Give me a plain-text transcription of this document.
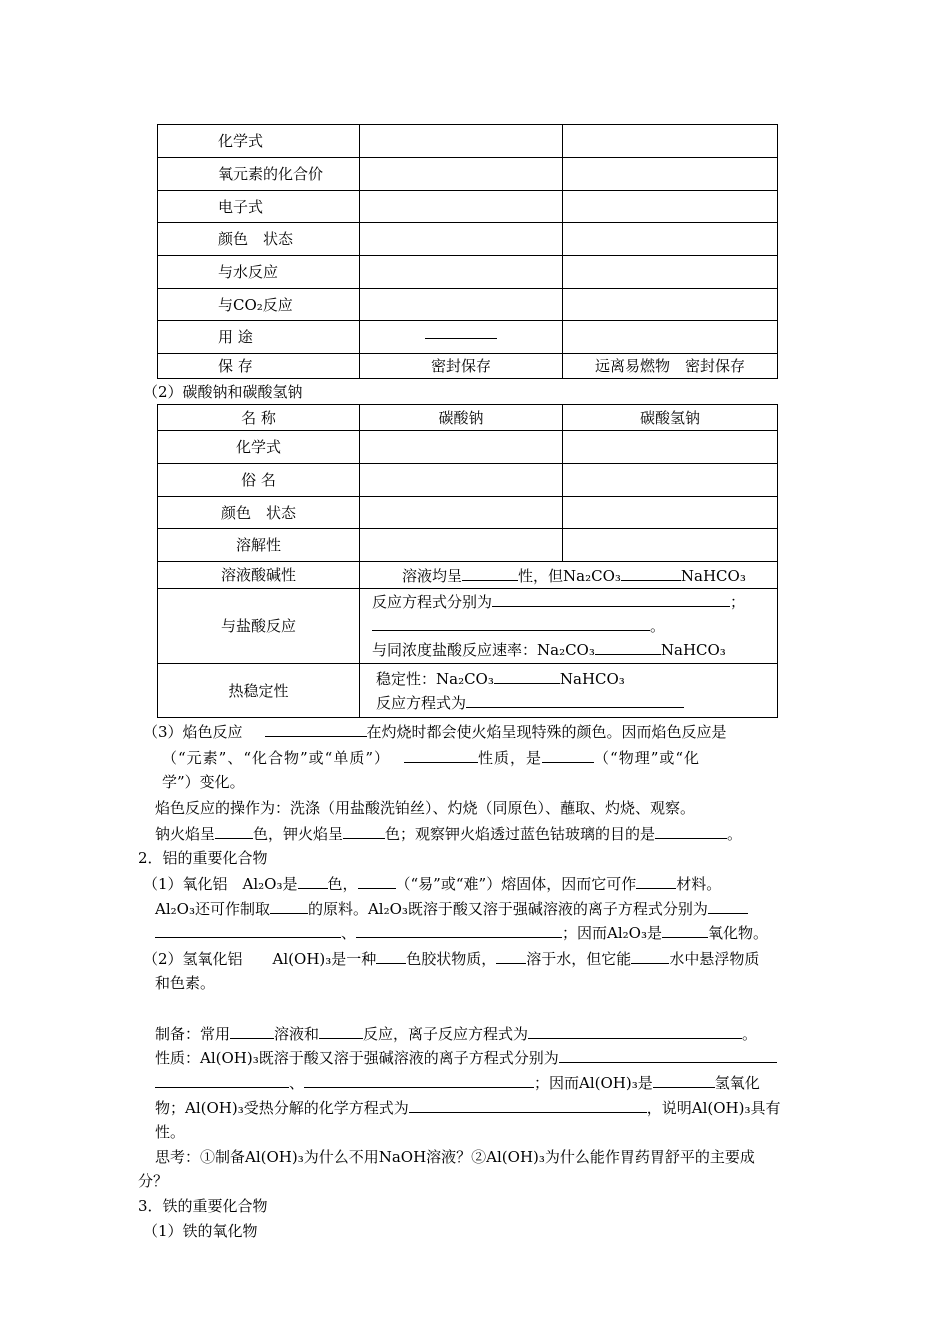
化学式		
氧元素的化合价		
电子式		
颜色　状态		
与水反应		
与CO₂反应		
用 途		
保 存	密封保存	远离易燃物　密封保存
（2）碳酸钠和碳酸氢钠
名 称	碳酸钠	碳酸氢钠
化学式		
俗 名		
颜色　状态		
溶解性		
溶液酸碱性	溶液均呈 性，但Na₂CO₃ NaHCO₃	
与盐酸反应	反应方程式分别为 ；
。
与同浓度盐酸反应速率：Na₂CO₃ NaHCO₃	

热稳定性	稳定性：Na₂CO₃ NaHCO₃
反应方程式为	
（3）焰色反应	在灼烧时都会使火焰呈现特殊的颜色。因而焰色反应是
（“元素”、“化合物”或“单质”）	性质，是	（“物理”或“化
学”）变化。
焰色反应的操作为：洗涤（用盐酸洗铂丝）、灼烧（同原色）、蘸取、灼烧、观察。
钠火焰呈	色，钾火焰呈	色；观察钾火焰透过蓝色钴玻璃的目的是	。
2．铝的重要化合物
（1）氧化铝　Al₂O₃是 色，	（“易”或“难”）熔固体，因而它可作	材料。
Al₂O₃还可作制取	的原料。Al₂O₃既溶于酸又溶于强碱溶液的离子方程式分别为
、	；因而Al₂O₃是	氧化物。
（2）氢氧化铝　　Al(OH)₃是一种 色胶状物质， 溶于水，但它能	水中悬浮物质
和色素。
制备：常用	溶液和	反应，离子反应方程式为	。
性质：Al(OH)₃既溶于酸又溶于强碱溶液的离子方程式分别为
、	；因而Al(OH)₃是	氢氧化
物；Al(OH)₃受热分解的化学方程式为	，说明Al(OH)₃具有
性。
思考：①制备Al(OH)₃为什么不用NaOH溶液？②Al(OH)₃为什么能作胃药胃舒平的主要成
分？
3．铁的重要化合物
（1）铁的氧化物
